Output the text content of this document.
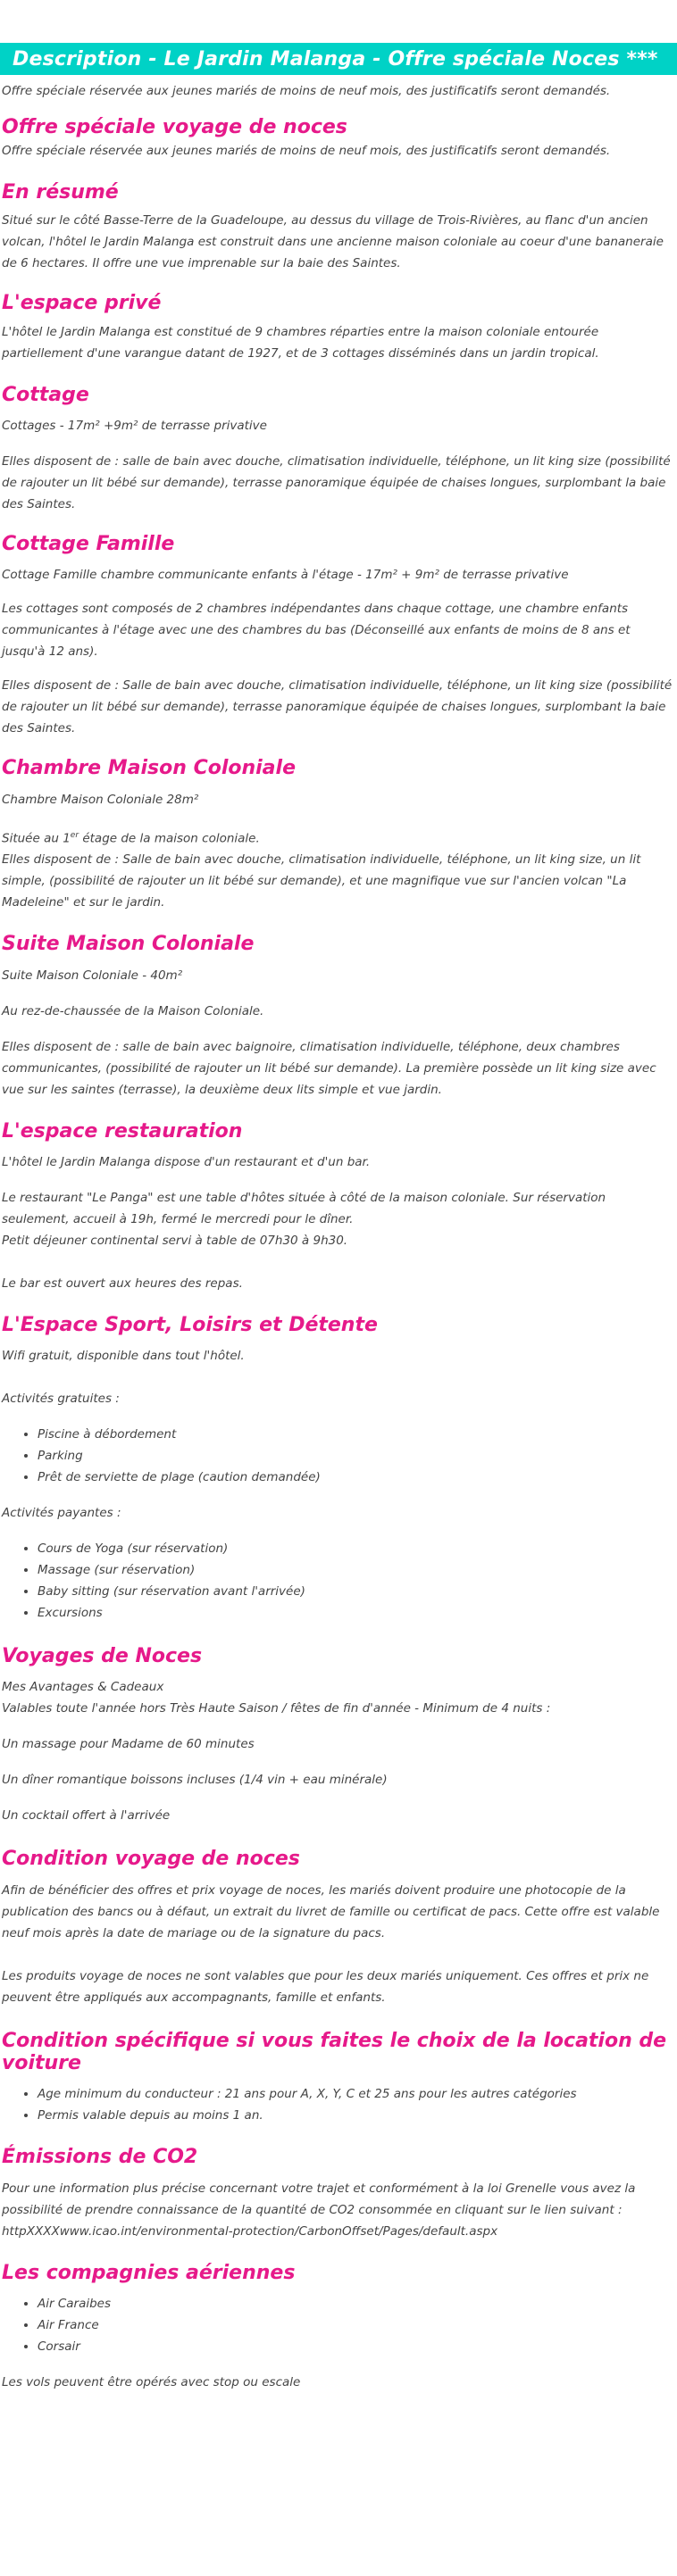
Description - Le Jardin Malanga - Offre spéciale Noces ***

Offre spéciale réservée aux jeunes mariés de moins de neuf mois, des justificatifs seront demandés.

Offre spéciale voyage de noces

Offre spéciale réservée aux jeunes mariés de moins de neuf mois, des justificatifs seront demandés.

En résumé

Situé sur le côté Basse-Terre de la Guadeloupe, au dessus du village de Trois-Rivières, au flanc d'un ancien volcan, l'hôtel le Jardin Malanga est construit dans une ancienne maison coloniale au coeur d'une bananeraie de 6 hectares. Il offre une vue imprenable sur la baie des Saintes.

L'espace privé

L'hôtel le Jardin Malanga est constitué de 9 chambres réparties entre la maison coloniale entourée partiellement d'une varangue datant de 1927, et de 3 cottages disséminés dans un jardin tropical.

Cottage

Cottages - 17m² +9m² de terrasse privative

Elles disposent de : salle de bain avec douche, climatisation individuelle, téléphone, un lit king size (possibilité de rajouter un lit bébé sur demande), terrasse panoramique équipée de chaises longues, surplombant la baie des Saintes.

Cottage Famille

Cottage Famille chambre communicante enfants à l'étage - 17m² + 9m² de terrasse privative

Les cottages sont composés de 2 chambres indépendantes dans chaque cottage, une chambre enfants communicantes à l'étage avec une des chambres du bas (Déconseillé aux enfants de moins de 8 ans et jusqu'à 12 ans).

Elles disposent de : Salle de bain avec douche, climatisation individuelle, téléphone, un lit king size (possibilité de rajouter un lit bébé sur demande), terrasse panoramique équipée de chaises longues, surplombant la baie des Saintes.

Chambre Maison Coloniale

Chambre Maison Coloniale 28m²

Située au 1er étage de la maison coloniale.

Elles disposent de : Salle de bain avec douche, climatisation individuelle, téléphone, un lit king size, un lit simple, (possibilité de rajouter un lit bébé sur demande), et une magnifique vue sur l'ancien volcan "La Madeleine" et sur le jardin.

Suite Maison Coloniale

Suite Maison Coloniale - 40m²

Au rez-de-chaussée de la Maison Coloniale.

Elles disposent de : salle de bain avec baignoire, climatisation individuelle, téléphone, deux chambres communicantes, (possibilité de rajouter un lit bébé sur demande). La première possède un lit king size avec vue sur les saintes (terrasse), la deuxième deux lits simple et vue jardin.

L'espace restauration

L'hôtel le Jardin Malanga dispose d'un restaurant et d'un bar.

Le restaurant "Le Panga" est une table d'hôtes située à côté de la maison coloniale. Sur réservation seulement, accueil à 19h, fermé le mercredi pour le dîner.

Petit déjeuner continental servi à table de 07h30 à 9h30.

Le bar est ouvert aux heures des repas.

L'Espace Sport, Loisirs et Détente

Wifi gratuit, disponible dans tout l'hôtel.

Activités gratuites :

• Piscine à débordement
• Parking
• Prêt de serviette de plage (caution demandée)

Activités payantes :

• Cours de Yoga (sur réservation)
• Massage (sur réservation)
• Baby sitting (sur réservation avant l'arrivée)
• Excursions
Voyages de Noces

Mes Avantages & Cadeaux

Valables toute l'année hors Très Haute Saison / fêtes de fin d'année - Minimum de 4 nuits :

Un massage pour Madame de 60 minutes

Un dîner romantique boissons incluses (1/4 vin + eau minérale)

Un cocktail offert à l'arrivée

Condition voyage de noces

Afin de bénéficier des offres et prix voyage de noces, les mariés doivent produire une photocopie de la publication des bancs ou à défaut, un extrait du livret de famille ou certificat de pacs. Cette offre est valable neuf mois après la date de mariage ou de la signature du pacs.

Les produits voyage de noces ne sont valables que pour les deux mariés uniquement. Ces offres et prix ne peuvent être appliqués aux accompagnants, famille et enfants.

Condition spécifique si vous faites le choix de la location de voiture
• Age minimum du conducteur : 21 ans pour A, X, Y, C et 25 ans pour les autres catégories
• Permis valable depuis au moins 1 an.
Émissions de CO2

Pour une information plus précise concernant votre trajet et conformément à la loi Grenelle vous avez la possibilité de prendre connaissance de la quantité de CO2 consommée en cliquant sur le lien suivant : httpXXXXwww.icao.int/environmental-protection/CarbonOffset/Pages/default.aspx

Les compagnies aériennes
• Air Caraibes
• Air France
• Corsair

Les vols peuvent être opérés avec stop ou escale
